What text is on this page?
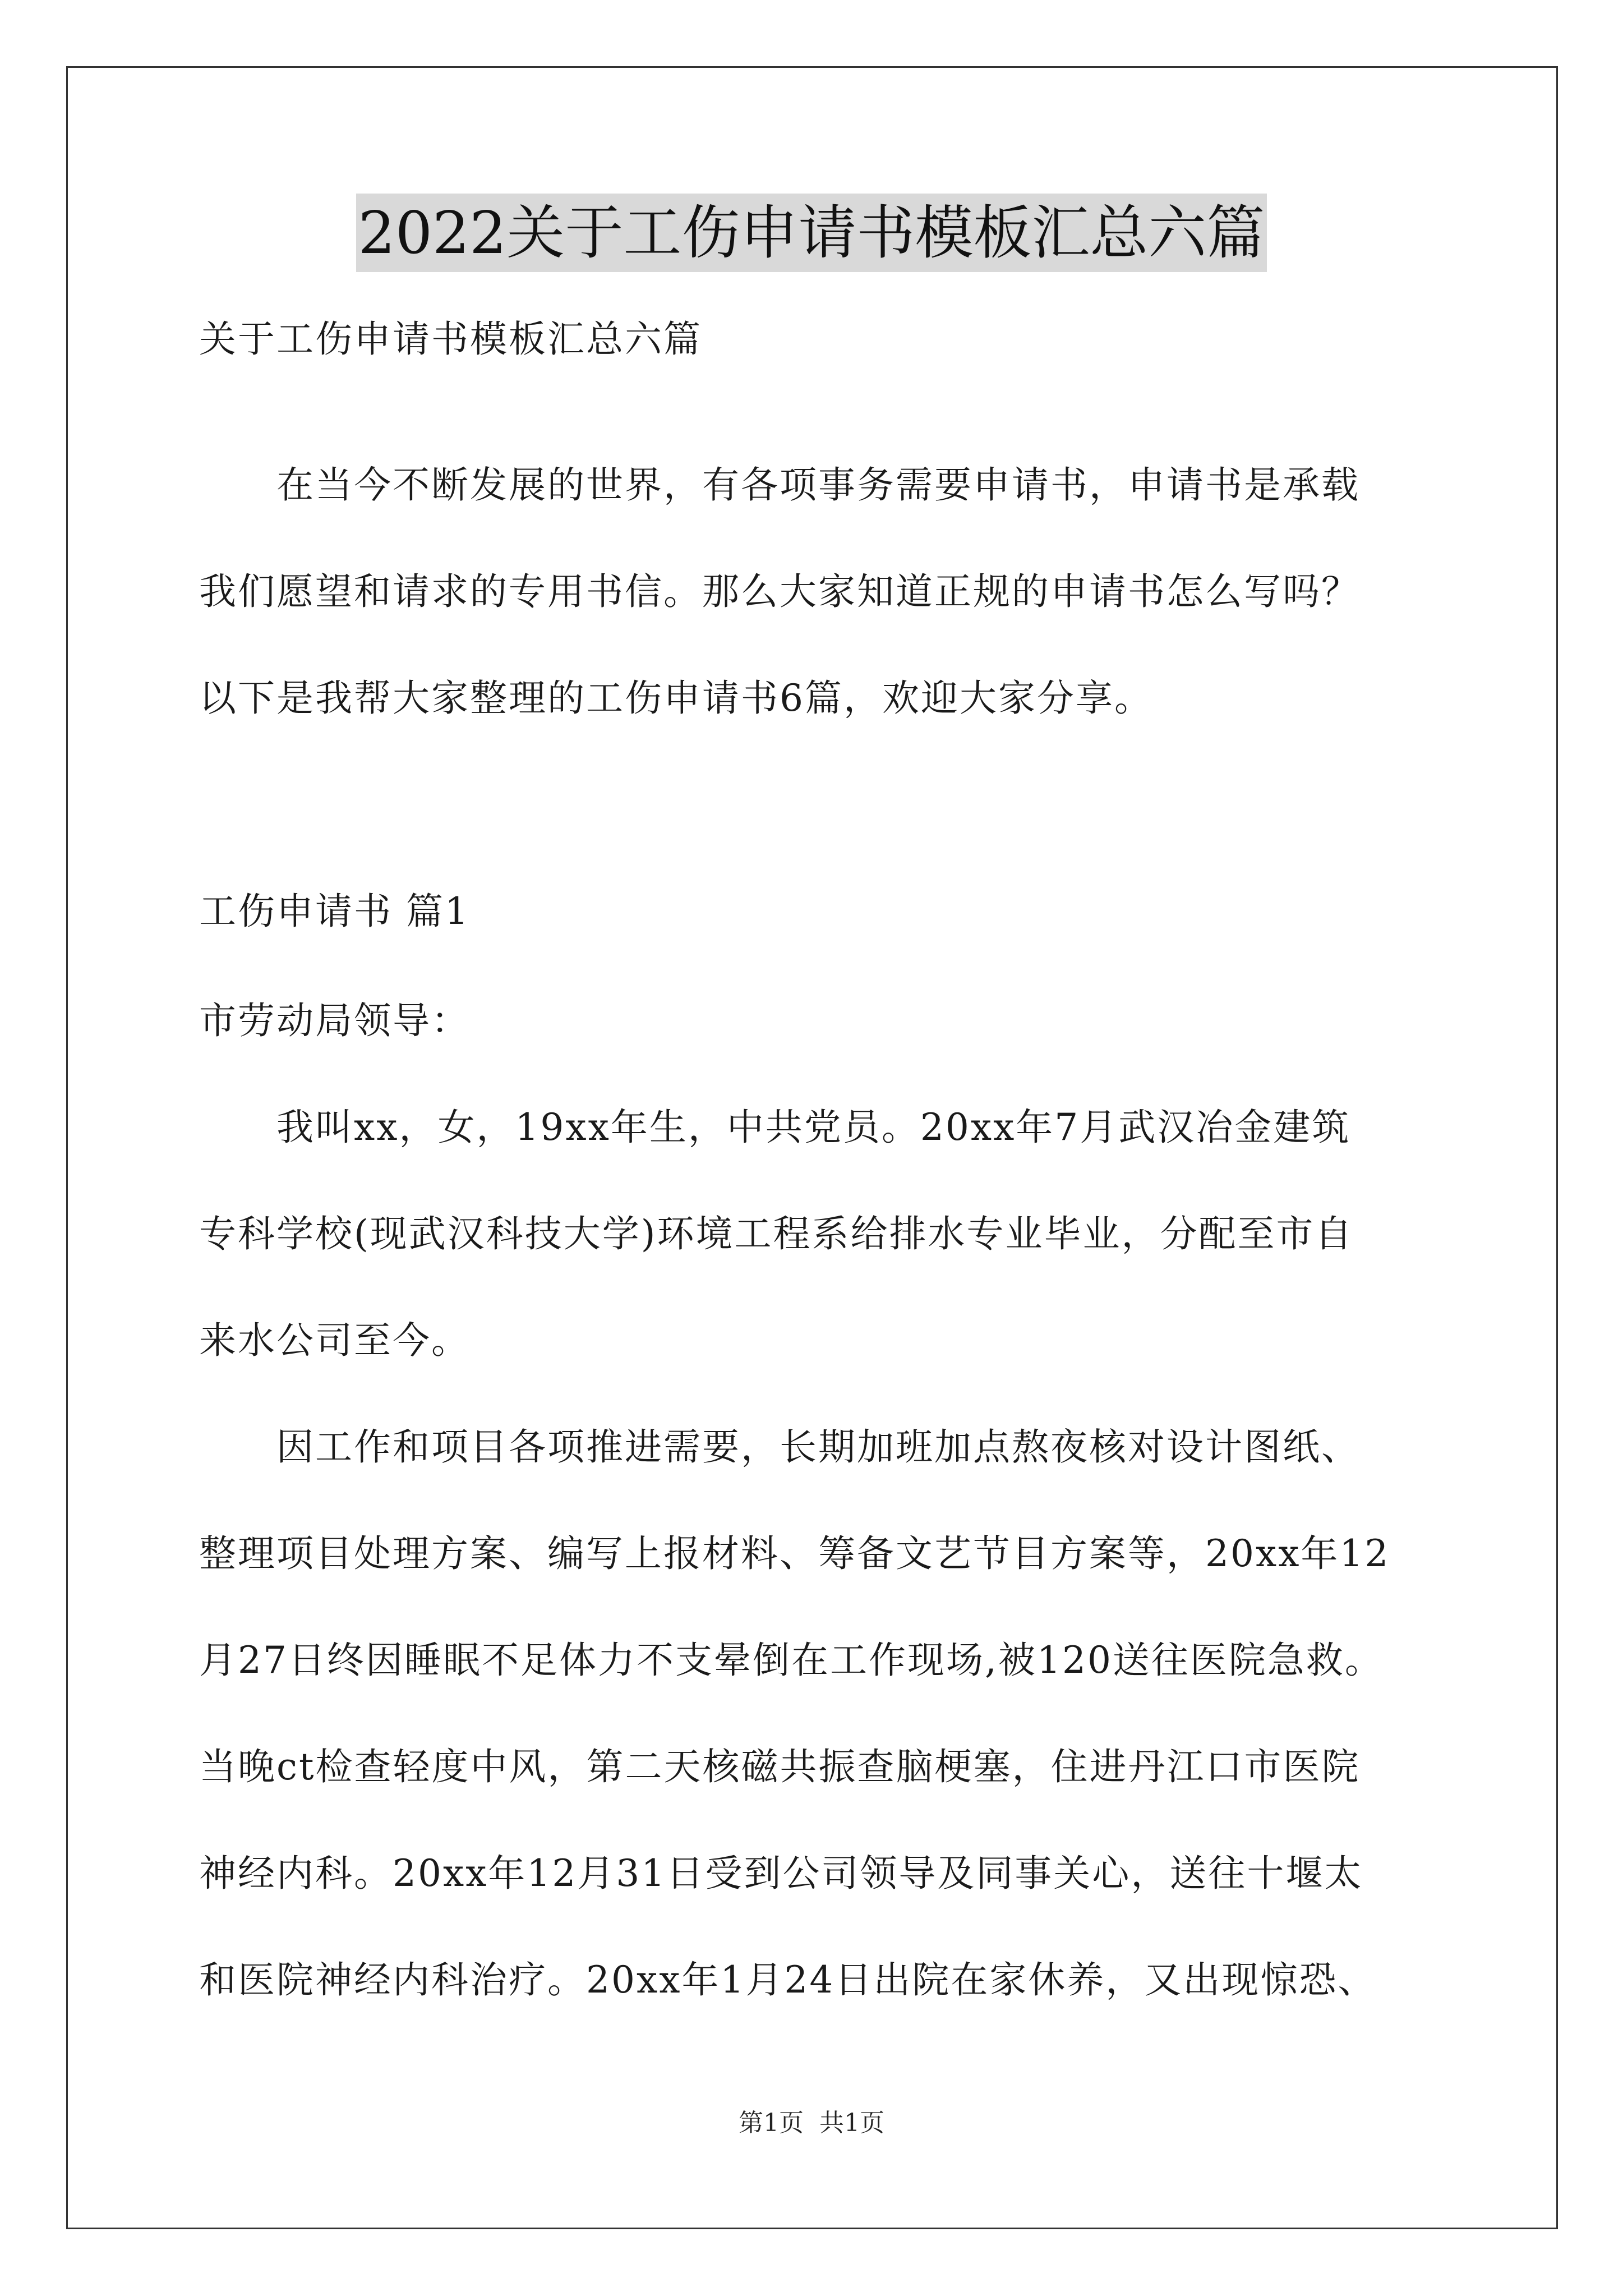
2022关于工伤申请书模板汇总六篇
关于工伤申请书模板汇总六篇
　　在当今不断发展的世界，有各项事务需要申请书，申请书是承载
我们愿望和请求的专用书信。那么大家知道正规的申请书怎么写吗？
以下是我帮大家整理的工伤申请书6篇，欢迎大家分享。
工伤申请书 篇1
市劳动局领导：
　　我叫xx，女，19xx年生，中共党员。20xx年7月武汉冶金建筑
专科学校(现武汉科技大学)环境工程系给排水专业毕业，分配至市自
来水公司至今。
　　因工作和项目各项推进需要，长期加班加点熬夜核对设计图纸、
整理项目处理方案、编写上报材料、筹备文艺节目方案等，20xx年12
月27日终因睡眠不足体力不支晕倒在工作现场,被120送往医院急救。
当晚ct检查轻度中风，第二天核磁共振查脑梗塞，住进丹江口市医院
神经内科。20xx年12月31日受到公司领导及同事关心，送往十堰太
和医院神经内科治疗。20xx年1月24日出院在家休养，又出现惊恐、
第1页 共1页
